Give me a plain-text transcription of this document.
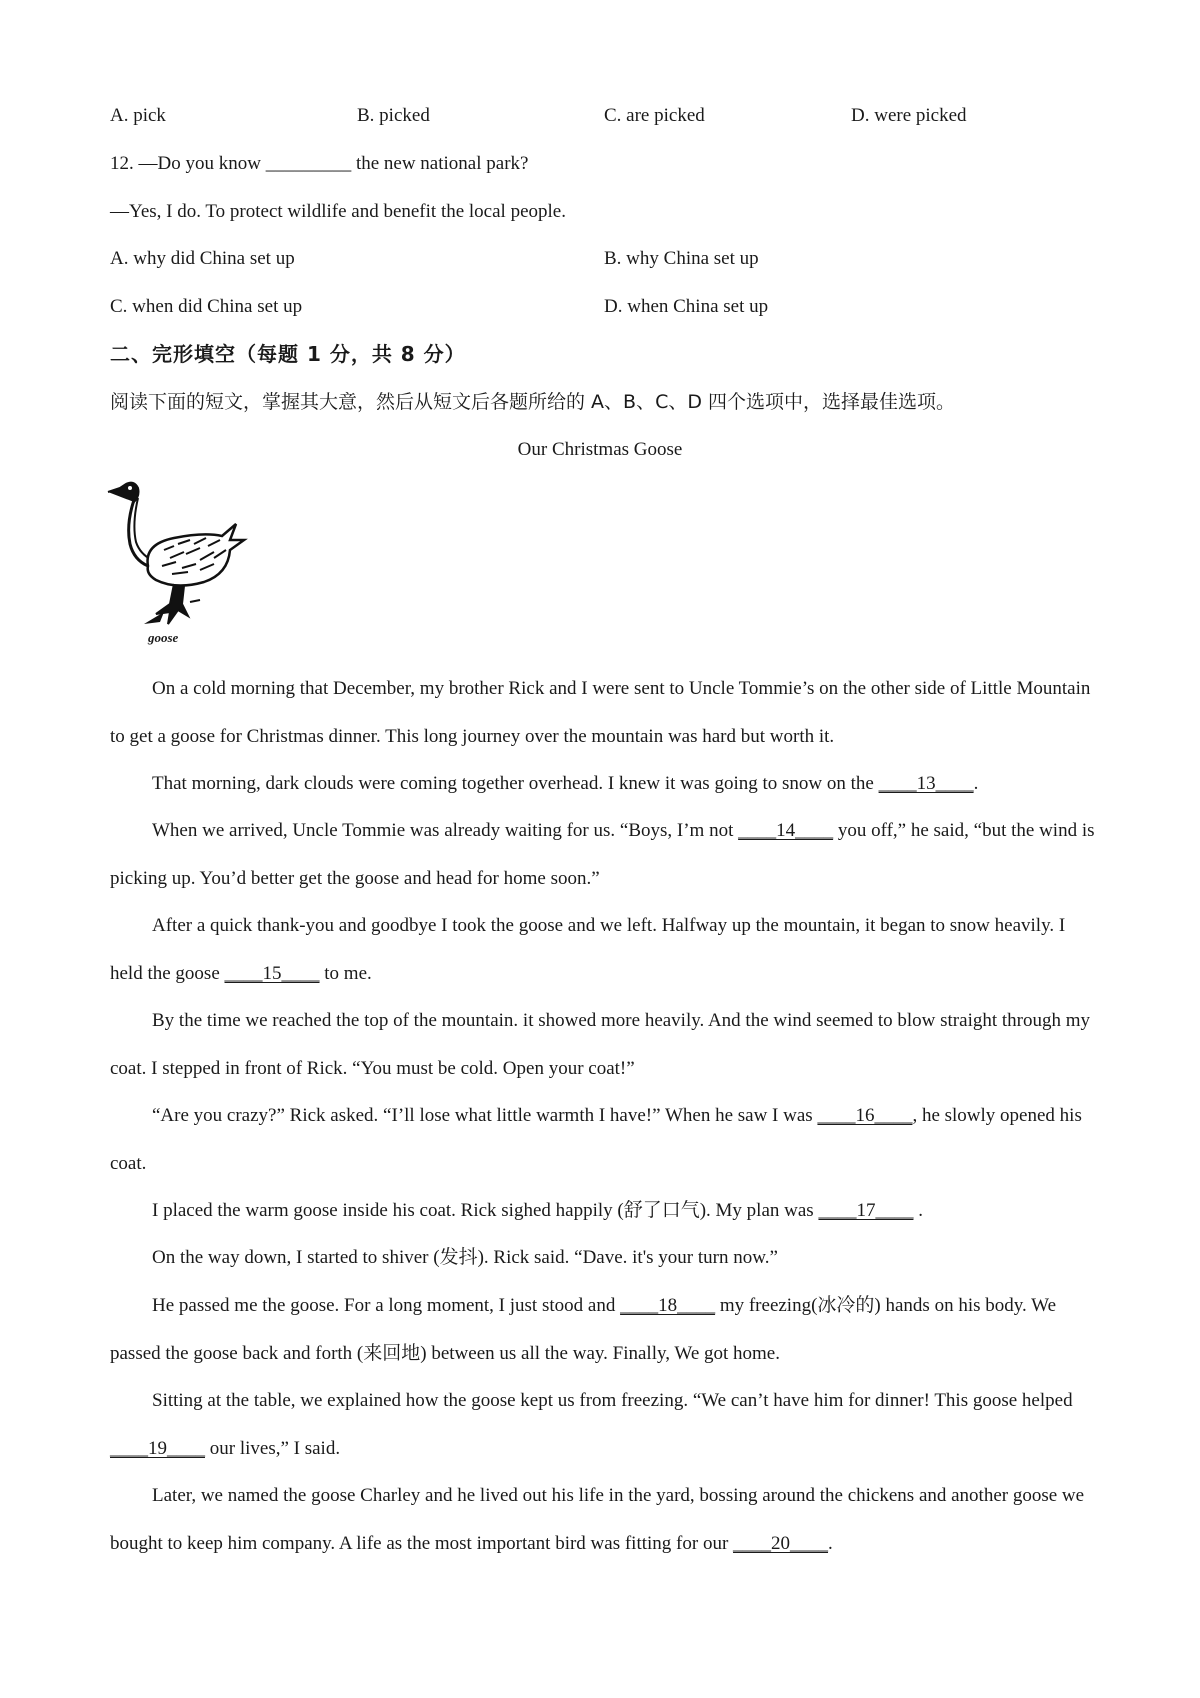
A. pick	B. picked	C. are picked	D. were picked
12. —Do you know _________ the new national park?
—Yes, I do. To protect wildlife and benefit the local people.
A. why did China set up	B. why China set up
C. when did China set up	D. when China set up
二、完形填空（每题 1 分，共 8 分）
阅读下面的短文，掌握其大意，然后从短文后各题所给的 A、B、C、D 四个选项中，选择最佳选项。
Our Christmas Goose
goose
On a cold morning that December, my brother Rick and I were sent to Uncle Tommie’s on the other side of Little Mountain to get a goose for Christmas dinner. This long journey over the mountain was hard but worth it.
That morning, dark clouds were coming together overhead. I knew it was going to snow on the ____13____.
When we arrived, Uncle Tommie was already waiting for us. “Boys, I’m not ____14____ you off,” he said, “but the wind is picking up. You’d better get the goose and head for home soon.”
After a quick thank-you and goodbye I took the goose and we left. Halfway up the mountain, it began to snow heavily. I held the goose ____15____ to me.
By the time we reached the top of the mountain. it showed more heavily. And the wind seemed to blow straight through my coat. I stepped in front of Rick. “You must be cold. Open your coat!”
“Are you crazy?” Rick asked. “I’ll lose what little warmth I have!” When he saw I was ____16____, he slowly opened his coat.
I placed the warm goose inside his coat. Rick sighed happily (舒了口气). My plan was ____17____ .
On the way down, I started to shiver (发抖). Rick said. “Dave. it's your turn now.”
He passed me the goose. For a long moment, I just stood and ____18____ my freezing(冰冷的) hands on his body. We passed the goose back and forth (来回地) between us all the way. Finally, We got home.
Sitting at the table, we explained how the goose kept us from freezing. “We can’t have him for dinner! This goose helped ____19____ our lives,” I said.
Later, we named the goose Charley and he lived out his life in the yard, bossing around the chickens and another goose we bought to keep him company. A life as the most important bird was fitting for our ____20____.
